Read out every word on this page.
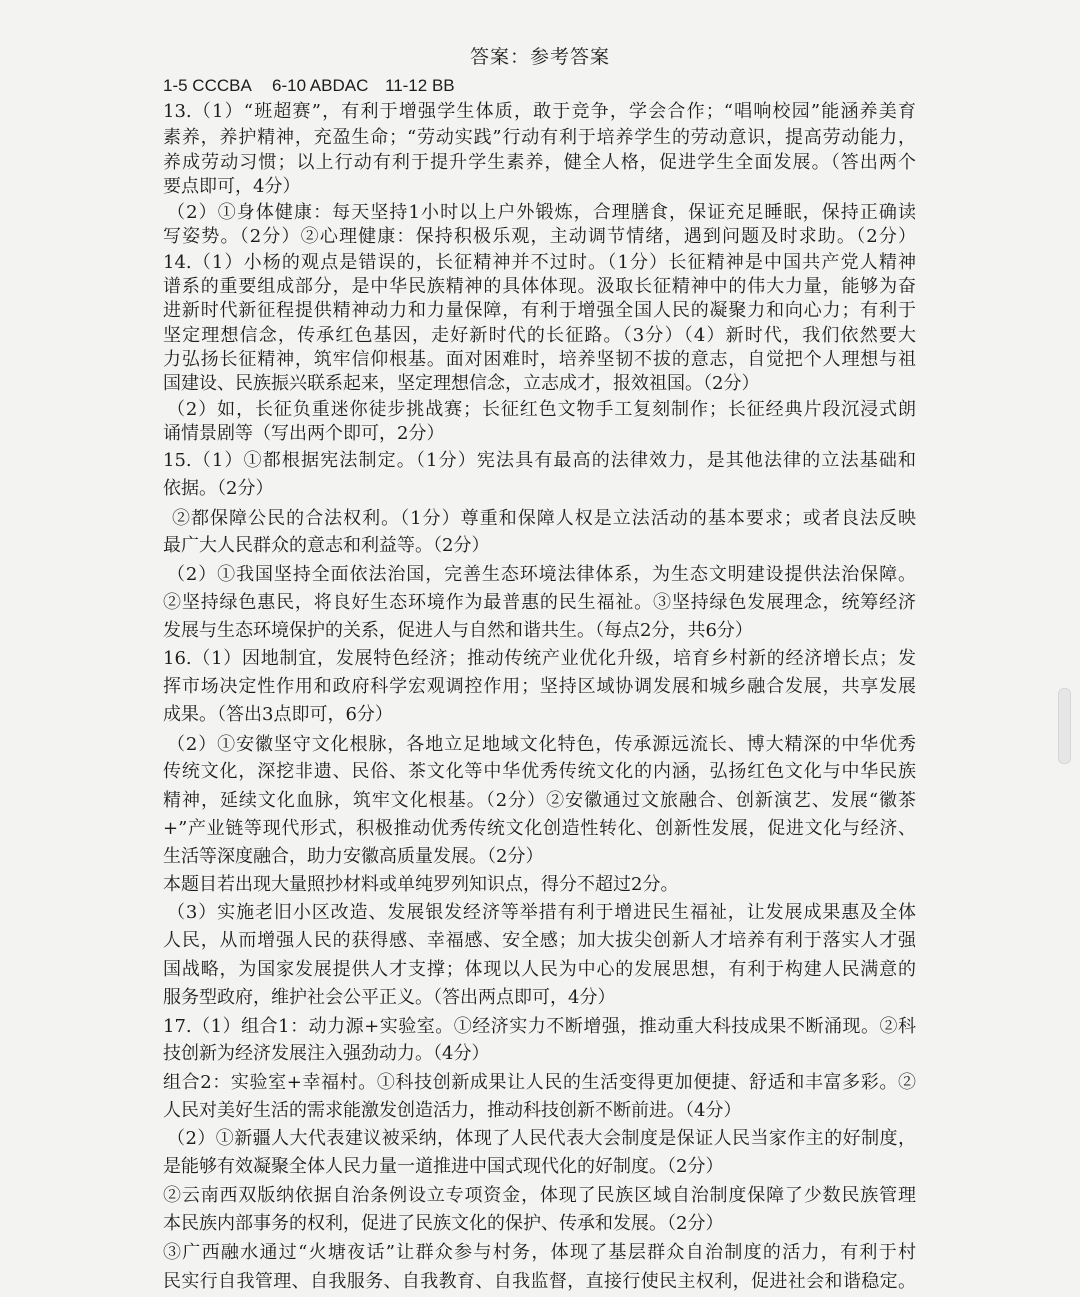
答案：参考答案
1-5 CCCBA 6-10 ABDAC 11-12 BB
13.（1）“班超赛”，有利于增强学生体质，敢于竞争，学会合作；“唱响校园”能涵养美育
素养，养护精神，充盈生命；“劳动实践”行动有利于培养学生的劳动意识，提高劳动能力，
养成劳动习惯；以上行动有利于提升学生素养，健全人格，促进学生全面发展。（答出两个
要点即可，4分）
（2）①身体健康：每天坚持1小时以上户外锻炼，合理膳食，保证充足睡眠，保持正确读
写姿势。（2分）②心理健康：保持积极乐观，主动调节情绪，遇到问题及时求助。（2分）
14.（1）小杨的观点是错误的，长征精神并不过时。（1分）长征精神是中国共产党人精神
谱系的重要组成部分，是中华民族精神的具体体现。汲取长征精神中的伟大力量，能够为奋
进新时代新征程提供精神动力和力量保障，有利于增强全国人民的凝聚力和向心力；有利于
坚定理想信念，传承红色基因，走好新时代的长征路。（3分）（4）新时代，我们依然要大
力弘扬长征精神，筑牢信仰根基。面对困难时，培养坚韧不拔的意志，自觉把个人理想与祖
国建设、民族振兴联系起来，坚定理想信念，立志成才，报效祖国。（2分）
（2）如，长征负重迷你徒步挑战赛；长征红色文物手工复刻制作；长征经典片段沉浸式朗
诵情景剧等（写出两个即可，2分）
15.（1）①都根据宪法制定。（1分）宪法具有最高的法律效力，是其他法律的立法基础和
依据。（2分）
②都保障公民的合法权利。（1分）尊重和保障人权是立法活动的基本要求；或者良法反映
最广大人民群众的意志和利益等。（2分）
（2）①我国坚持全面依法治国，完善生态环境法律体系，为生态文明建设提供法治保障。
②坚持绿色惠民，将良好生态环境作为最普惠的民生福祉。③坚持绿色发展理念，统筹经济
发展与生态环境保护的关系，促进人与自然和谐共生。（每点2分，共6分）
16.（1）因地制宜，发展特色经济；推动传统产业优化升级，培育乡村新的经济增长点；发
挥市场决定性作用和政府科学宏观调控作用；坚持区域协调发展和城乡融合发展，共享发展
成果。（答出3点即可，6分）
（2）①安徽坚守文化根脉，各地立足地域文化特色，传承源远流长、博大精深的中华优秀
传统文化，深挖非遗、民俗、茶文化等中华优秀传统文化的内涵，弘扬红色文化与中华民族
精神，延续文化血脉，筑牢文化根基。（2分）②安徽通过文旅融合、创新演艺、发展“徽茶
+”产业链等现代形式，积极推动优秀传统文化创造性转化、创新性发展，促进文化与经济、
生活等深度融合，助力安徽高质量发展。（2分）
本题目若出现大量照抄材料或单纯罗列知识点，得分不超过2分。
（3）实施老旧小区改造、发展银发经济等举措有利于增进民生福祉，让发展成果惠及全体
人民，从而增强人民的获得感、幸福感、安全感；加大拔尖创新人才培养有利于落实人才强
国战略，为国家发展提供人才支撑；体现以人民为中心的发展思想，有利于构建人民满意的
服务型政府，维护社会公平正义。（答出两点即可，4分）
17.（1）组合1：动力源+实验室。①经济实力不断增强，推动重大科技成果不断涌现。②科
技创新为经济发展注入强劲动力。（4分）
组合2：实验室+幸福村。①科技创新成果让人民的生活变得更加便捷、舒适和丰富多彩。②
人民对美好生活的需求能激发创造活力，推动科技创新不断前进。（4分）
（2）①新疆人大代表建议被采纳，体现了人民代表大会制度是保证人民当家作主的好制度，
是能够有效凝聚全体人民力量一道推进中国式现代化的好制度。（2分）
②云南西双版纳依据自治条例设立专项资金，体现了民族区域自治制度保障了少数民族管理
本民族内部事务的权利，促进了民族文化的保护、传承和发展。（2分）
③广西融水通过“火塘夜话”让群众参与村务，体现了基层群众自治制度的活力，有利于村
民实行自我管理、自我服务、自我教育、自我监督，直接行使民主权利，促进社会和谐稳定。
